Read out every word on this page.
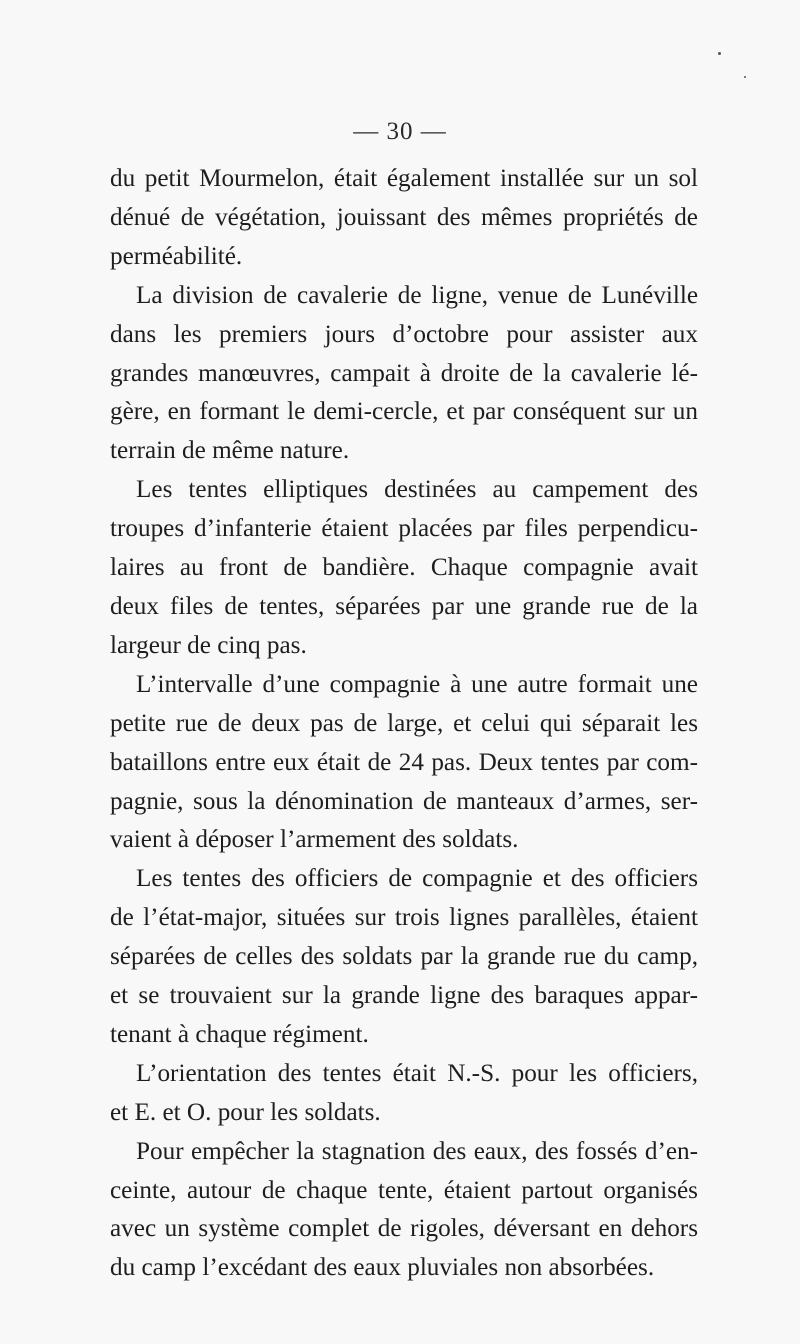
— 30 —

du petit Mourmelon, était également installée sur un sol
dénué de végétation, jouissant des mêmes propriétés de
perméabilité.

La division de cavalerie de ligne, venue de Lunéville
dans les premiers jours d’octobre pour assister aux
grandes manœuvres, campait à droite de la cavalerie lé-
gère, en formant le demi-cercle, et par conséquent sur un
terrain de même nature.

Les tentes elliptiques destinées au campement des
troupes d’infanterie étaient placées par files perpendicu-
laires au front de bandière. Chaque compagnie avait
deux files de tentes, séparées par une grande rue de la
largeur de cinq pas.

L’intervalle d’une compagnie à une autre formait une
petite rue de deux pas de large, et celui qui séparait les
bataillons entre eux était de 24 pas. Deux tentes par com-
pagnie, sous la dénomination de manteaux d’armes, ser-
vaient à déposer l’armement des soldats.

Les tentes des officiers de compagnie et des officiers
de l’état-major, situées sur trois lignes parallèles, étaient
séparées de celles des soldats par la grande rue du camp,
et se trouvaient sur la grande ligne des baraques appar-
tenant à chaque régiment.

L’orientation des tentes était N.-S. pour les officiers,
et E. et O. pour les soldats.

Pour empêcher la stagnation des eaux, des fossés d’en-
ceinte, autour de chaque tente, étaient partout organisés
avec un système complet de rigoles, déversant en dehors
du camp l’excédant des eaux pluviales non absorbées.
